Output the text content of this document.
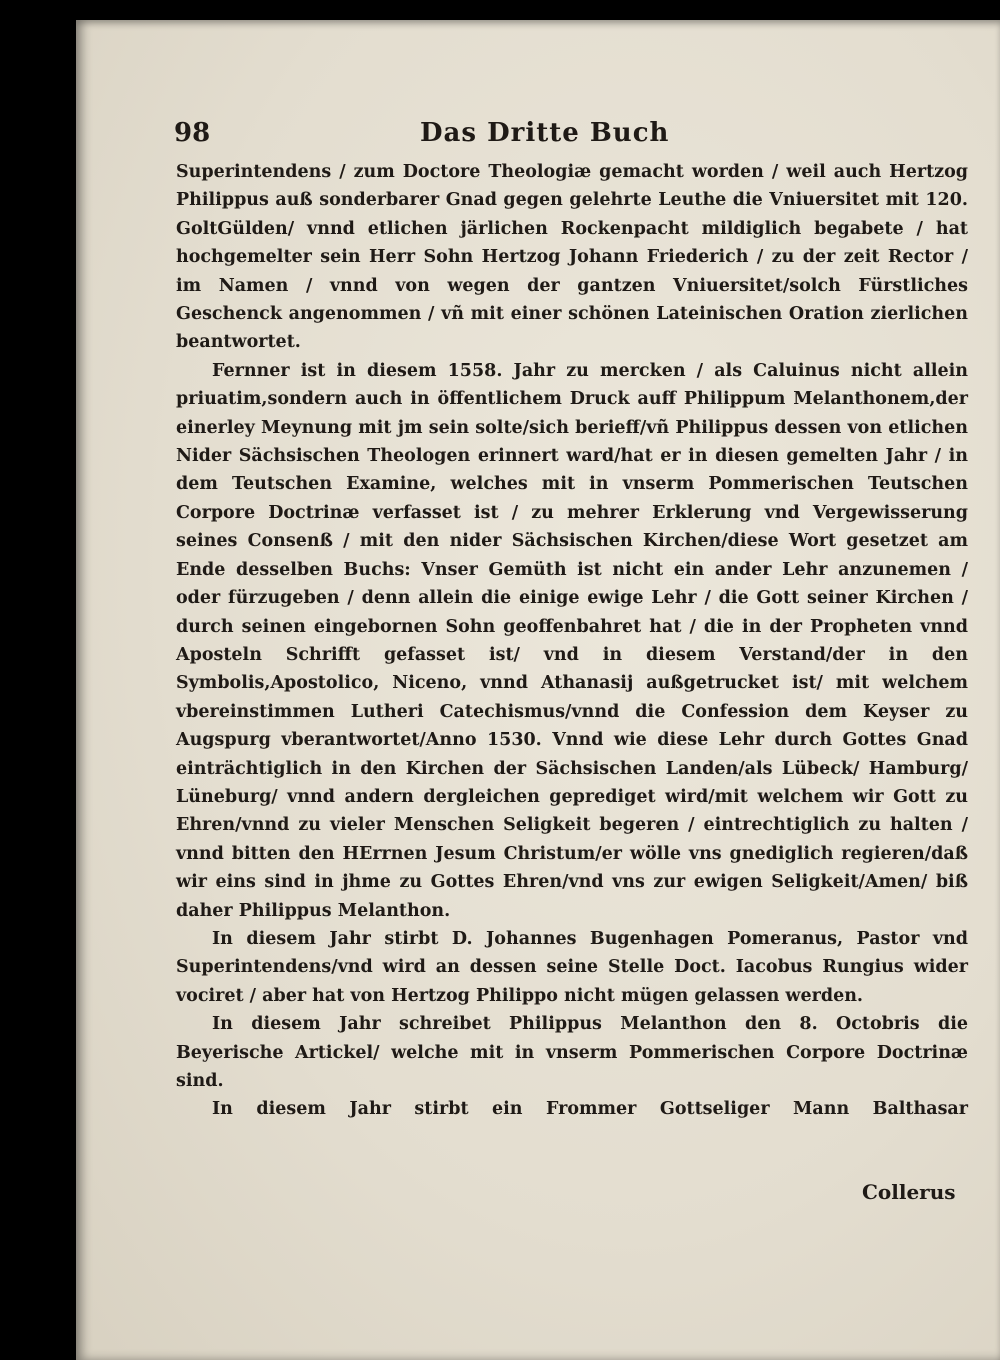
98	Das Dritte Buch

Superintendens / zum Doctore Theologiæ gemacht worden / weil auch Hertzog Philippus auß sonderbarer Gnad gegen gelehrte Leuthe die Vniuersitet mit 120. GoltGülden/ vnnd etlichen järlichen Rockenpacht mildiglich begabete / hat hochgemelter sein Herr Sohn Hertzog Johann Friederich / zu der zeit Rector / im Namen / vnnd von wegen der gantzen Vniuersitet/solch Fürstliches Geschenck angenommen / vñ mit einer schönen Lateinischen Oration zierlichen beantwortet.

Fernner ist in diesem 1558. Jahr zu mercken / als Caluinus nicht allein priuatim,sondern auch in öffentlichem Druck auff Philippum Melanthonem,der einerley Meynung mit jm sein solte/sich berieff/vñ Philippus dessen von etlichen Nider Sächsischen Theologen erinnert ward/hat er in diesen gemelten Jahr / in dem Teutschen Examine, welches mit in vnserm Pommerischen Teutschen Corpore Doctrinæ verfasset ist / zu mehrer Erklerung vnd Vergewisserung seines Consenß / mit den nider Sächsischen Kirchen/diese Wort gesetzet am Ende desselben Buchs: Vnser Gemüth ist nicht ein ander Lehr anzunemen / oder fürzugeben / denn allein die einige ewige Lehr / die Gott seiner Kirchen / durch seinen eingebornen Sohn geoffenbahret hat / die in der Propheten vnnd Aposteln Schrifft gefasset ist/ vnd in diesem Verstand/der in den Symbolis,Apostolico, Niceno, vnnd Athanasij außgetrucket ist/ mit welchem vbereinstimmen Lutheri Catechismus/vnnd die Confession dem Keyser zu Augspurg vberantwortet/Anno 1530. Vnnd wie diese Lehr durch Gottes Gnad einträchtiglich in den Kirchen der Sächsischen Landen/als Lübeck/ Hamburg/ Lüneburg/ vnnd andern dergleichen geprediget wird/mit welchem wir Gott zu Ehren/vnnd zu vieler Menschen Seligkeit begeren / eintrechtiglich zu halten / vnnd bitten den HErrnen Jesum Christum/er wölle vns gnediglich regieren/daß wir eins sind in jhme zu Gottes Ehren/vnd vns zur ewigen Seligkeit/Amen/ biß daher Philippus Melanthon.

In diesem Jahr stirbt D. Johannes Bugenhagen Pomeranus, Pastor vnd Superintendens/vnd wird an dessen seine Stelle Doct. Iacobus Rungius wider vociret / aber hat von Hertzog Philippo nicht mügen gelassen werden.

In diesem Jahr schreibet Philippus Melanthon den 8. Octobris die Beyerische Artickel/ welche mit in vnserm Pommerischen Corpore Doctrinæ sind.

In diesem Jahr stirbt ein Frommer Gottseliger Mann Balthasar

Collerus
